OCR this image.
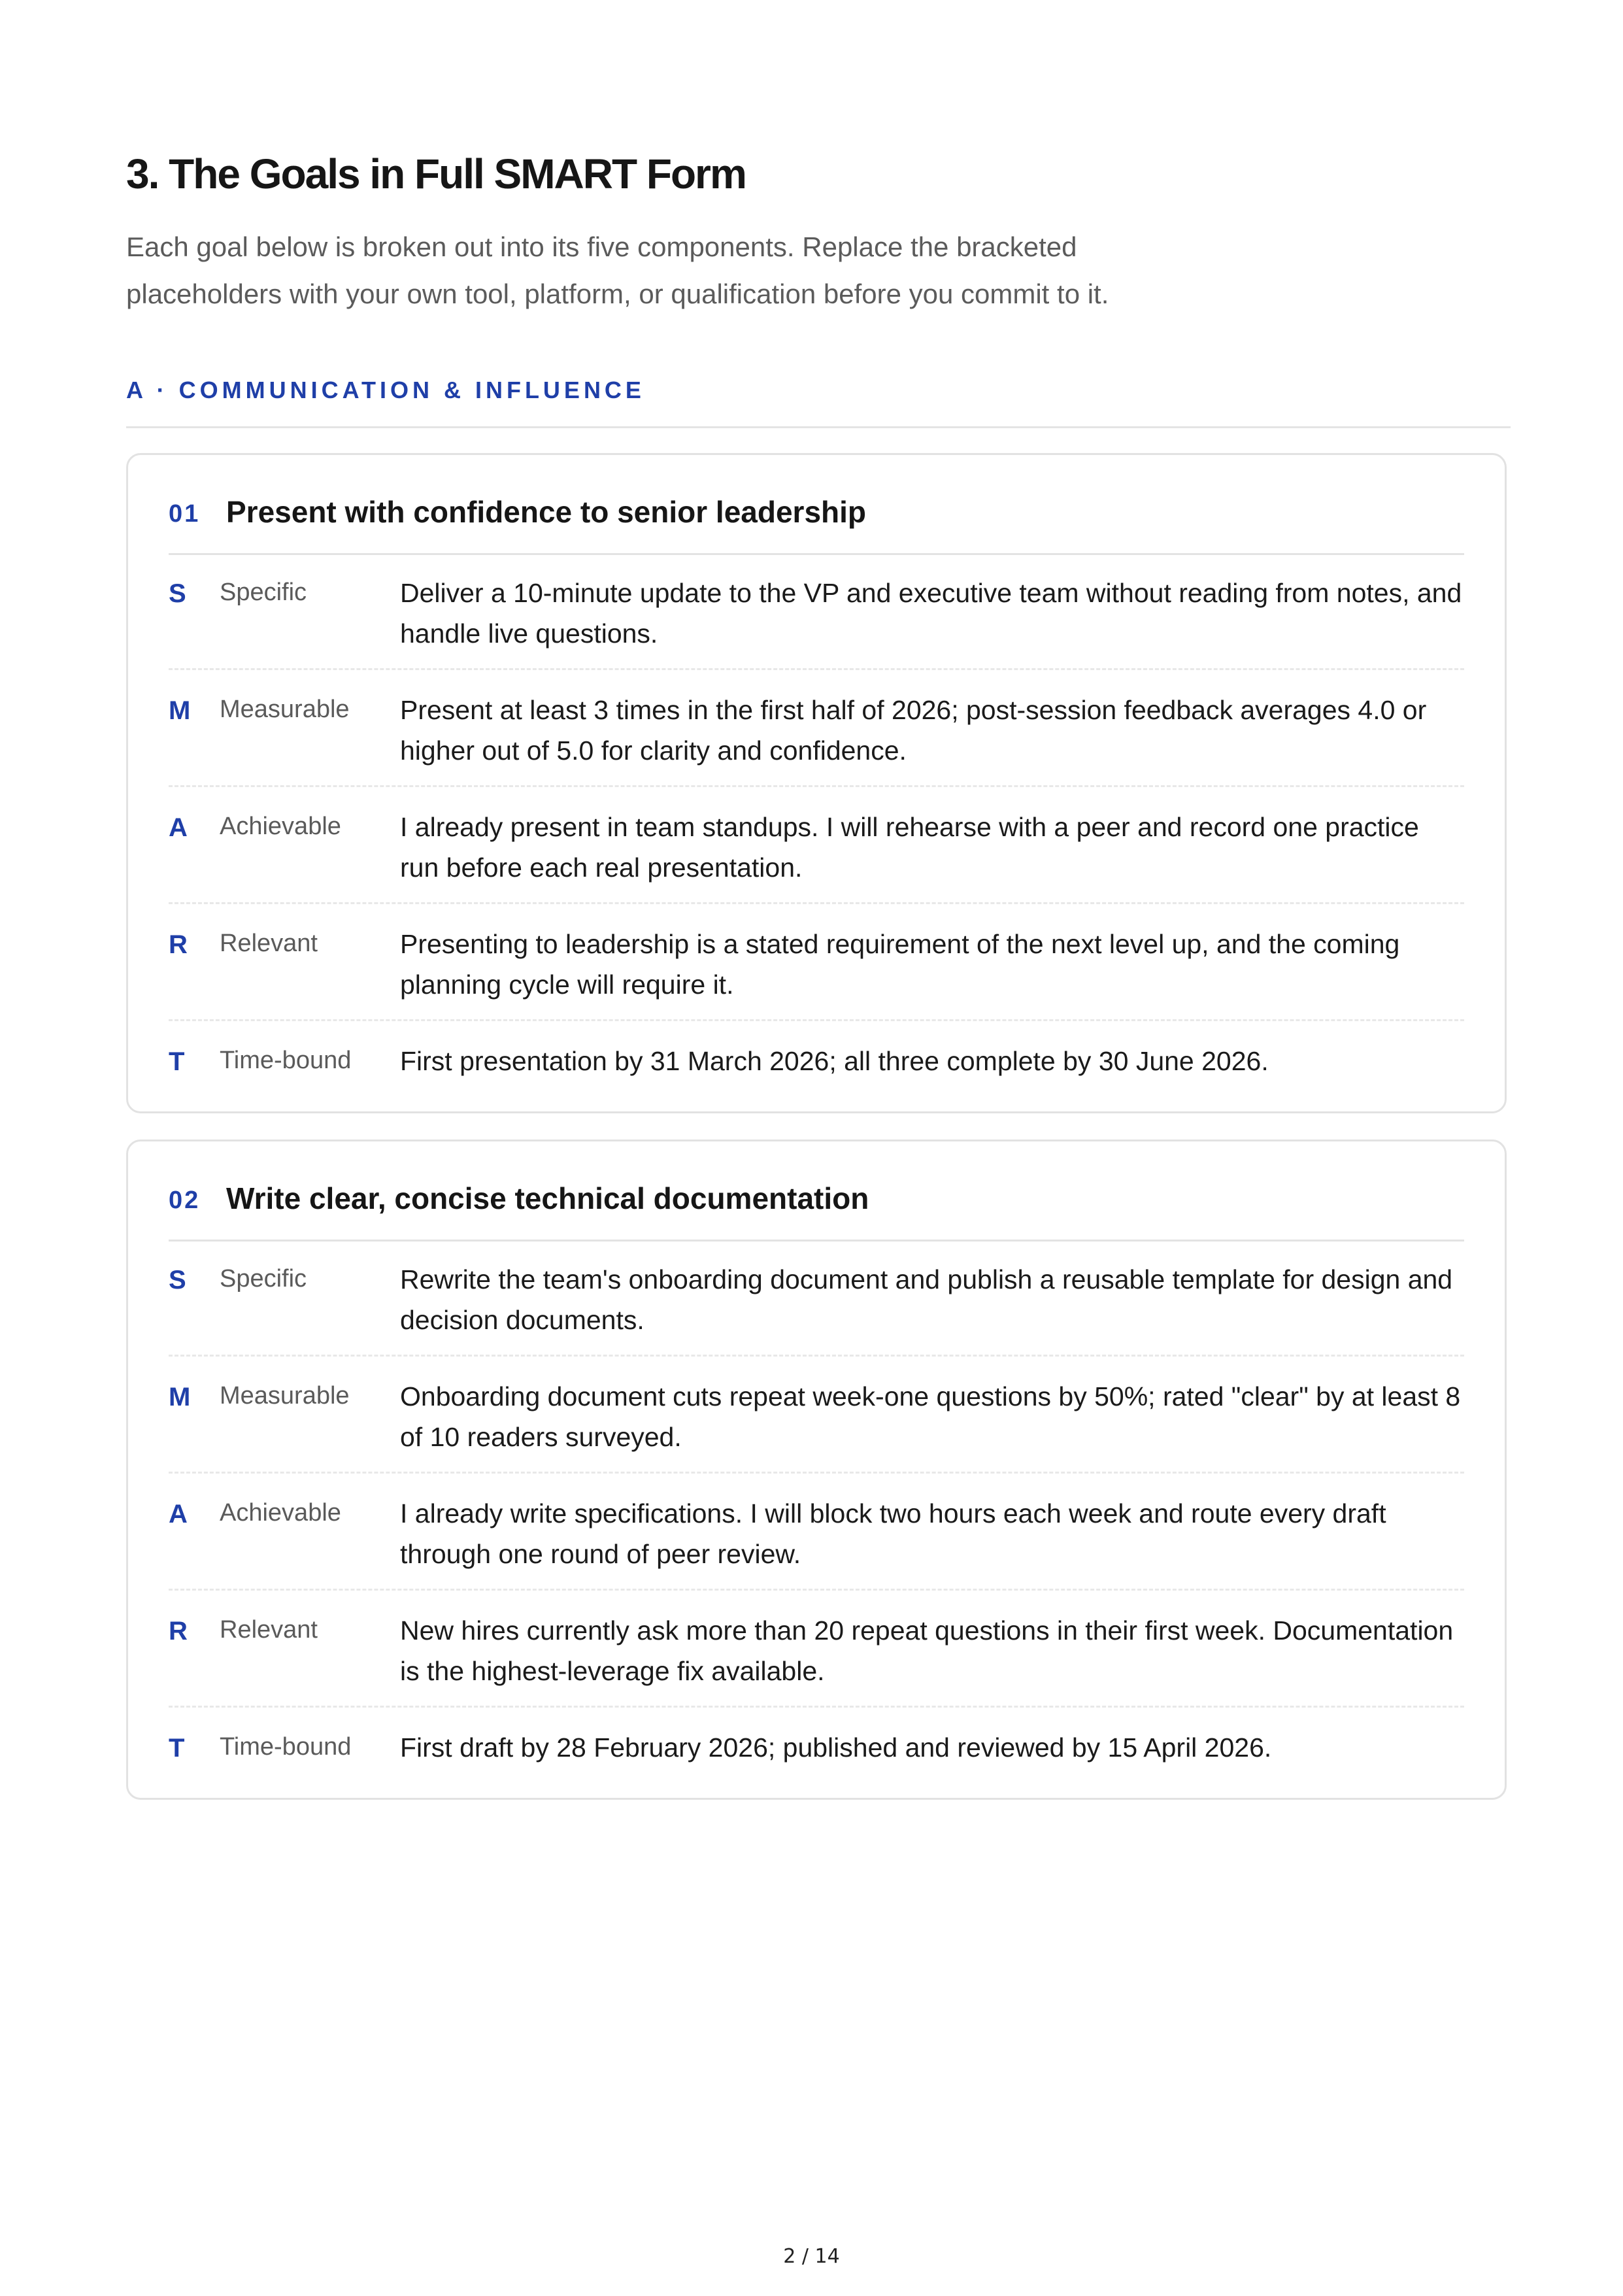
3. The Goals in Full SMART Form

Each goal below is broken out into its five components. Replace the bracketed placeholders with your own tool, platform, or qualification before you commit to it.

A · COMMUNICATION & INFLUENCE
01 Present with confidence to senior leadership
S Specific	Deliver a 10-minute update to the VP and executive team without reading from notes, and handle live questions.
M Measurable Present at least 3 times in the first half of 2026; post-session feedback averages 4.0 or higher out of 5.0 for clarity and confidence.
A Achievable I already present in team standups. I will rehearse with a peer and record one practice run before each real presentation.
R Relevant	Presenting to leadership is a stated requirement of the next level up, and the coming planning cycle will require it.
T Time-bound First presentation by 31 March 2026; all three complete by 30 June 2026.
02 Write clear, concise technical documentation
S Specific	Rewrite the team's onboarding document and publish a reusable template for design and decision documents.
M Measurable Onboarding document cuts repeat week-one questions by 50%; rated "clear" by at least 8 of 10 readers surveyed.
A Achievable I already write specifications. I will block two hours each week and route every draft through one round of peer review.
R Relevant	New hires currently ask more than 20 repeat questions in their first week. Documentation is the highest-leverage fix available.
T Time-bound First draft by 28 February 2026; published and reviewed by 15 April 2026.
2 / 14
